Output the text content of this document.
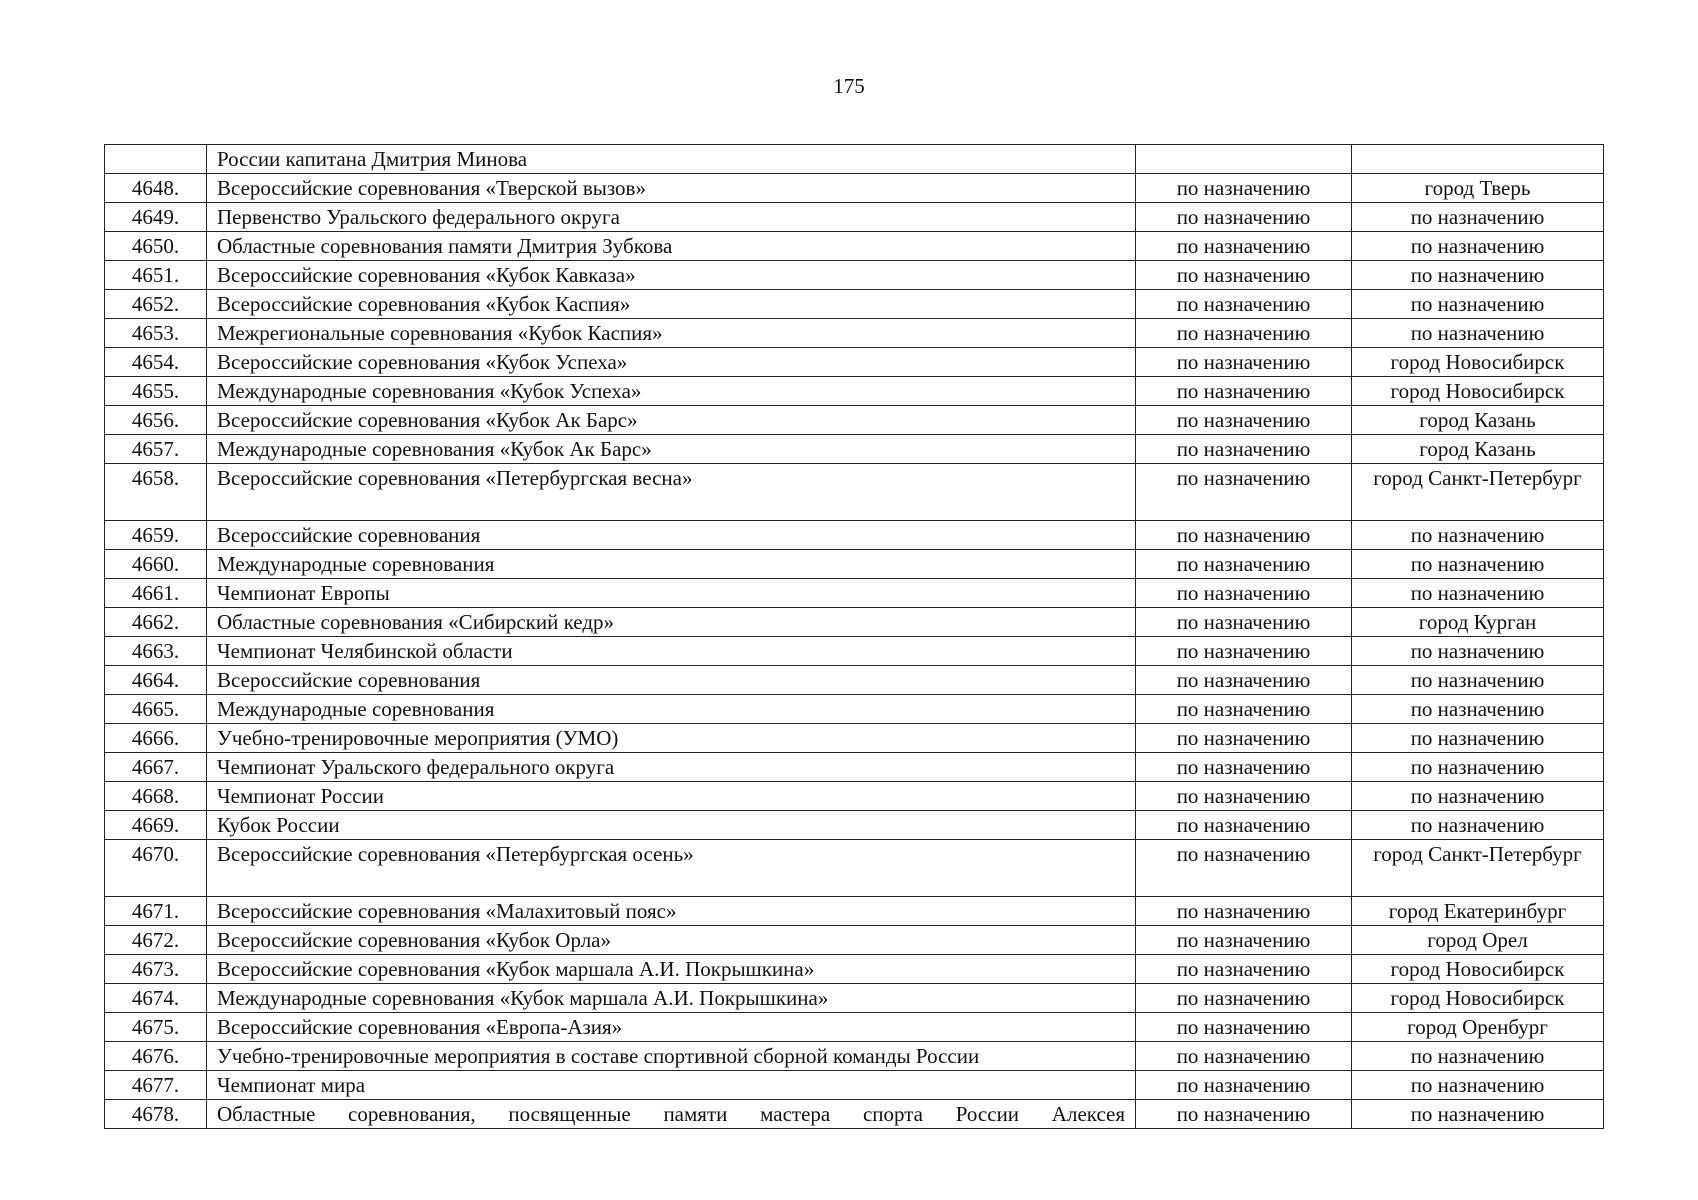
175
	России капитана Дмитрия Минова		
4648.	Всероссийские соревнования «Тверской вызов»	по назначению	город Тверь
4649.	Первенство Уральского федерального округа	по назначению	по назначению
4650.	Областные соревнования памяти Дмитрия Зубкова	по назначению	по назначению
4651.	Всероссийские соревнования «Кубок Кавказа»	по назначению	по назначению
4652.	Всероссийские соревнования «Кубок Каспия»	по назначению	по назначению
4653.	Межрегиональные соревнования «Кубок Каспия»	по назначению	по назначению
4654.	Всероссийские соревнования «Кубок Успеха»	по назначению	город Новосибирск
4655.	Международные соревнования «Кубок Успеха»	по назначению	город Новосибирск
4656.	Всероссийские соревнования «Кубок Ак Барс»	по назначению	город Казань
4657.	Международные соревнования «Кубок Ак Барс»	по назначению	город Казань
4658.	Всероссийские соревнования «Петербургская весна»	по назначению	город Санкт-Петербург
4659.	Всероссийские соревнования	по назначению	по назначению
4660.	Международные соревнования	по назначению	по назначению
4661.	Чемпионат Европы	по назначению	по назначению
4662.	Областные соревнования «Сибирский кедр»	по назначению	город Курган
4663.	Чемпионат Челябинской области	по назначению	по назначению
4664.	Всероссийские соревнования	по назначению	по назначению
4665.	Международные соревнования	по назначению	по назначению
4666.	Учебно-тренировочные мероприятия (УМО)	по назначению	по назначению
4667.	Чемпионат Уральского федерального округа	по назначению	по назначению
4668.	Чемпионат России	по назначению	по назначению
4669.	Кубок России	по назначению	по назначению
4670.	Всероссийские соревнования «Петербургская осень»	по назначению	город Санкт-Петербург
4671.	Всероссийские соревнования «Малахитовый пояс»	по назначению	город Екатеринбург
4672.	Всероссийские соревнования «Кубок Орла»	по назначению	город Орел
4673.	Всероссийские соревнования «Кубок маршала А.И. Покрышкина»	по назначению	город Новосибирск
4674.	Международные соревнования «Кубок маршала А.И. Покрышкина»	по назначению	город Новосибирск
4675.	Всероссийские соревнования «Европа-Азия»	по назначению	город Оренбург
4676.	Учебно-тренировочные мероприятия в составе спортивной сборной команды России	по назначению	по назначению
4677.	Чемпионат мира	по назначению	по назначению
4678.	Областные соревнования, посвященные памяти мастера спорта России Алексея	по назначению	по назначению
